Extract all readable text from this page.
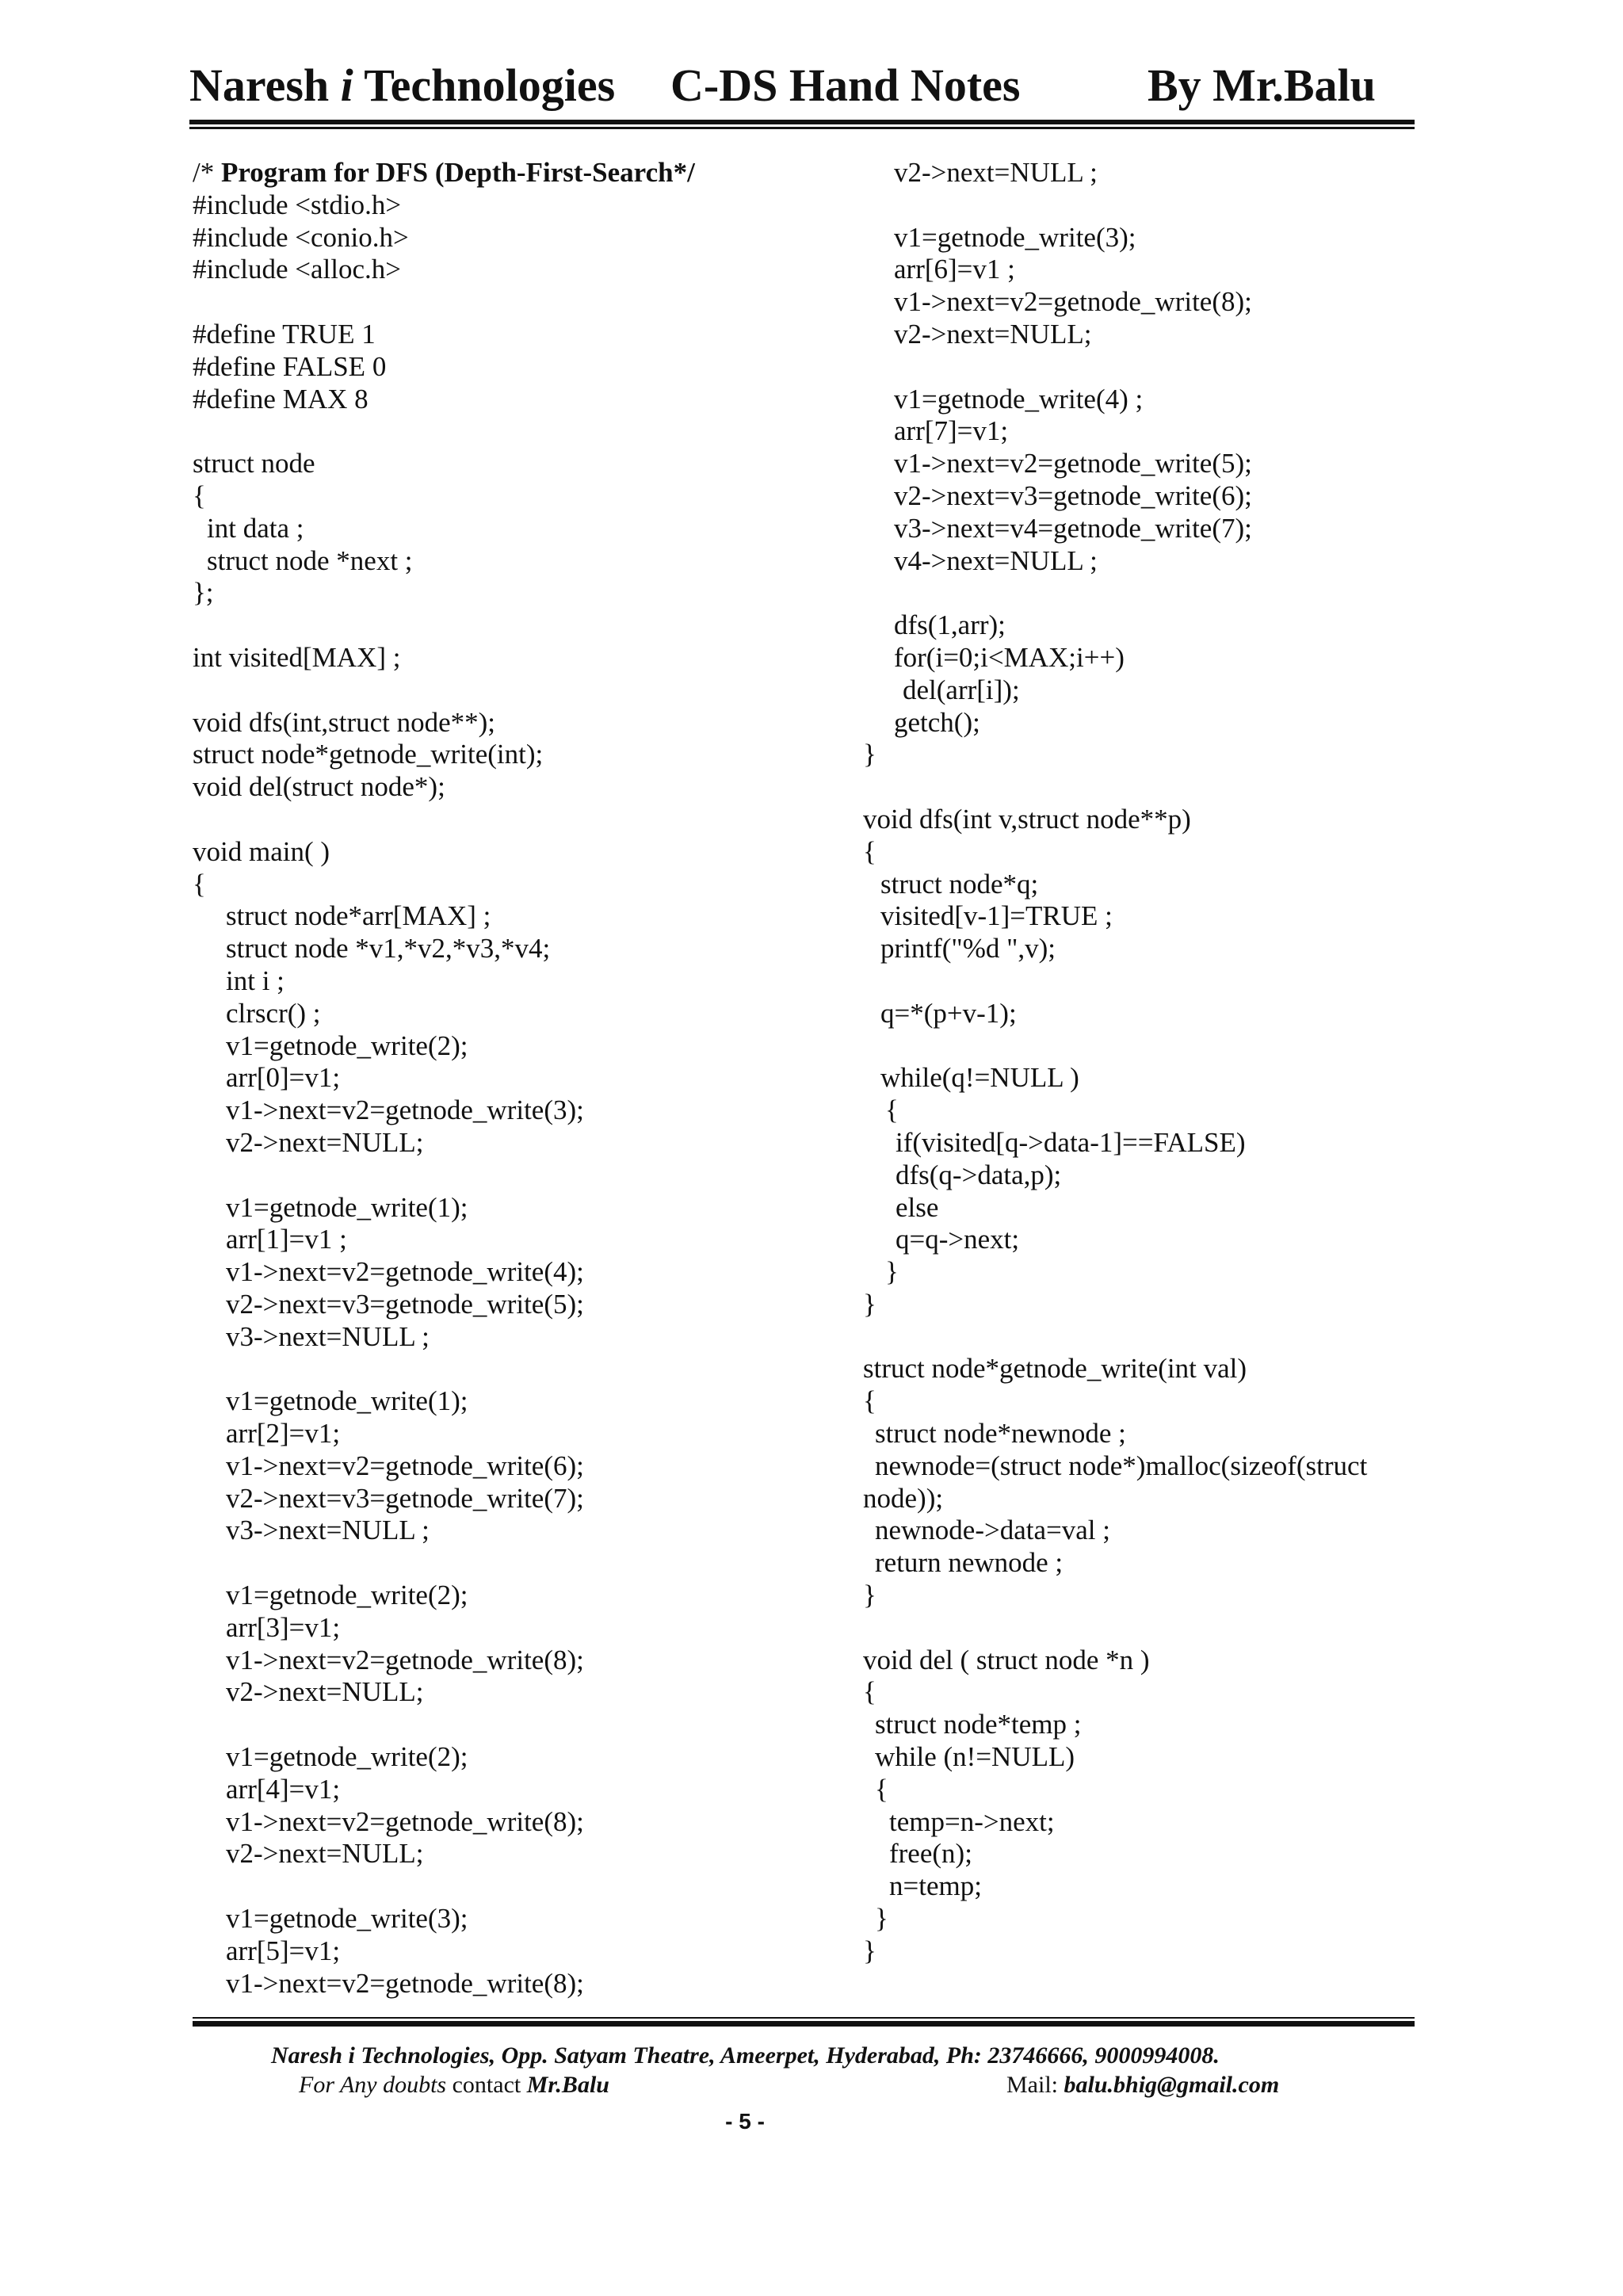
Naresh i Technologies C-DS Hand Notes	By Mr.Balu
/* Program for DFS (Depth-First-Search*/
#include <stdio.h>
#include <conio.h>
#include <alloc.h>
#define TRUE 1
#define FALSE 0
#define MAX 8
struct node
{
int data ;
struct node *next ;
};
int visited[MAX] ;
void dfs(int,struct node**);
struct node*getnode_write(int);
void del(struct node*);
void main( )
{
struct node*arr[MAX] ;
struct node *v1,*v2,*v3,*v4;
int i ;
clrscr() ;
v1=getnode_write(2);
arr[0]=v1;
v1->next=v2=getnode_write(3);
v2->next=NULL;
v1=getnode_write(1);
arr[1]=v1 ;
v1->next=v2=getnode_write(4);
v2->next=v3=getnode_write(5);
v3->next=NULL ;
v1=getnode_write(1);
arr[2]=v1;
v1->next=v2=getnode_write(6);
v2->next=v3=getnode_write(7);
v3->next=NULL ;
v1=getnode_write(2);
arr[3]=v1;
v1->next=v2=getnode_write(8);
v2->next=NULL;
v1=getnode_write(2);
arr[4]=v1;
v1->next=v2=getnode_write(8);
v2->next=NULL;
v1=getnode_write(3);
arr[5]=v1;
v1->next=v2=getnode_write(8);
v2->next=NULL ;
v1=getnode_write(3);
arr[6]=v1 ;
v1->next=v2=getnode_write(8);
v2->next=NULL;
v1=getnode_write(4) ;
arr[7]=v1;
v1->next=v2=getnode_write(5);
v2->next=v3=getnode_write(6);
v3->next=v4=getnode_write(7);
v4->next=NULL ;
dfs(1,arr);
for(i=0;i<MAX;i++)
del(arr[i]);
getch();
}
void dfs(int v,struct node**p)
{
struct node*q;
visited[v-1]=TRUE ;
printf("%d ",v);
q=*(p+v-1);
while(q!=NULL )
{
if(visited[q->data-1]==FALSE)
dfs(q->data,p);
else
q=q->next;
}
}
struct node*getnode_write(int val)
{
struct node*newnode ;
newnode=(struct node*)malloc(sizeof(struct
node));
newnode->data=val ;
return newnode ;
}
void del ( struct node *n )
{
struct node*temp ;
while (n!=NULL)
{
temp=n->next;
free(n);
n=temp;
}
}
Naresh i Technologies, Opp. Satyam Theatre, Ameerpet, Hyderabad, Ph: 23746666, 9000994008.
For Any doubts contact Mr.Balu	Mail: balu.bhig@gmail.com
- 5 -
